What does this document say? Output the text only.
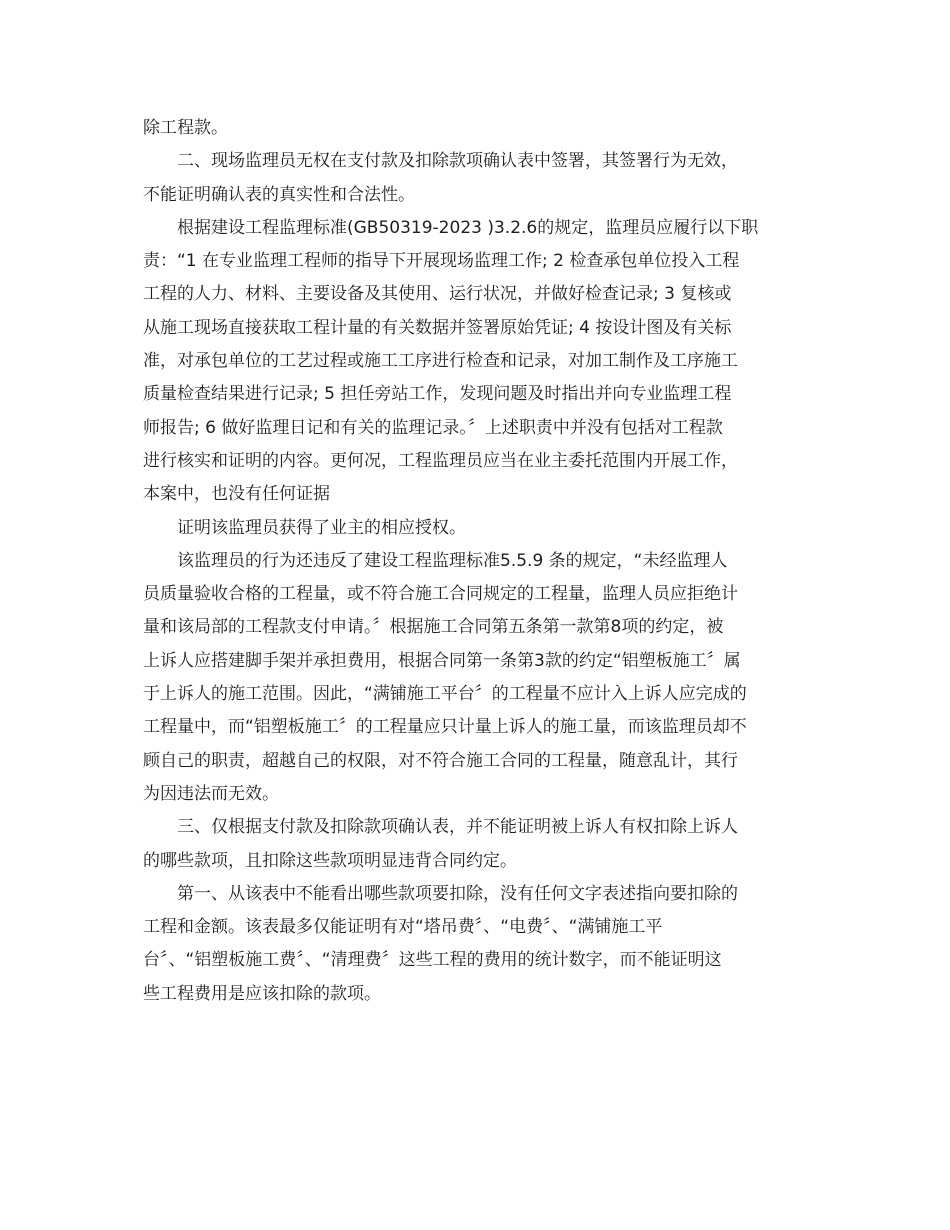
除工程款。

二、现场监理员无权在支付款及扣除款项确认表中签署，其签署行为无效，
不能证明确认表的真实性和合法性。

根据建设工程监理标准(GB50319-2023 )3.2.6的规定，监理员应履行以下职
责：“1 在专业监理工程师的指导下开展现场监理工作; 2 检查承包单位投入工程
工程的人力、材料、主要设备及其使用、运行状况，并做好检查记录; 3 复核或
从施工现场直接获取工程计量的有关数据并签署原始凭证; 4 按设计图及有关标
准，对承包单位的工艺过程或施工工序进行检查和记录，对加工制作及工序施工
质量检查结果进行记录; 5 担任旁站工作，发现问题及时指出并向专业监理工程
师报告; 6 做好监理日记和有关的监理记录。〞上述职责中并没有包括对工程款
进行核实和证明的内容。更何况，工程监理员应当在业主委托范围内开展工作，
本案中，也没有任何证据

证明该监理员获得了业主的相应授权。

该监理员的行为还违反了建设工程监理标准5.5.9 条的规定，“未经监理人
员质量验收合格的工程量，或不符合施工合同规定的工程量，监理人员应拒绝计
量和该局部的工程款支付申请。〞根据施工合同第五条第一款第8项的约定，被
上诉人应搭建脚手架并承担费用，根据合同第一条第3款的约定“铝塑板施工〞属
于上诉人的施工范围。因此，“满铺施工平台〞的工程量不应计入上诉人应完成的
工程量中，而“铝塑板施工〞的工程量应只计量上诉人的施工量，而该监理员却不
顾自己的职责，超越自己的权限，对不符合施工合同的工程量，随意乱计，其行
为因违法而无效。

三、仅根据支付款及扣除款项确认表，并不能证明被上诉人有权扣除上诉人
的哪些款项，且扣除这些款项明显违背合同约定。

第一、从该表中不能看出哪些款项要扣除，没有任何文字表述指向要扣除的
工程和金额。该表最多仅能证明有对“塔吊费〞、“电费〞、“满铺施工平
台〞、“铝塑板施工费〞、“清理费〞这些工程的费用的统计数字，而不能证明这
些工程费用是应该扣除的款项。
